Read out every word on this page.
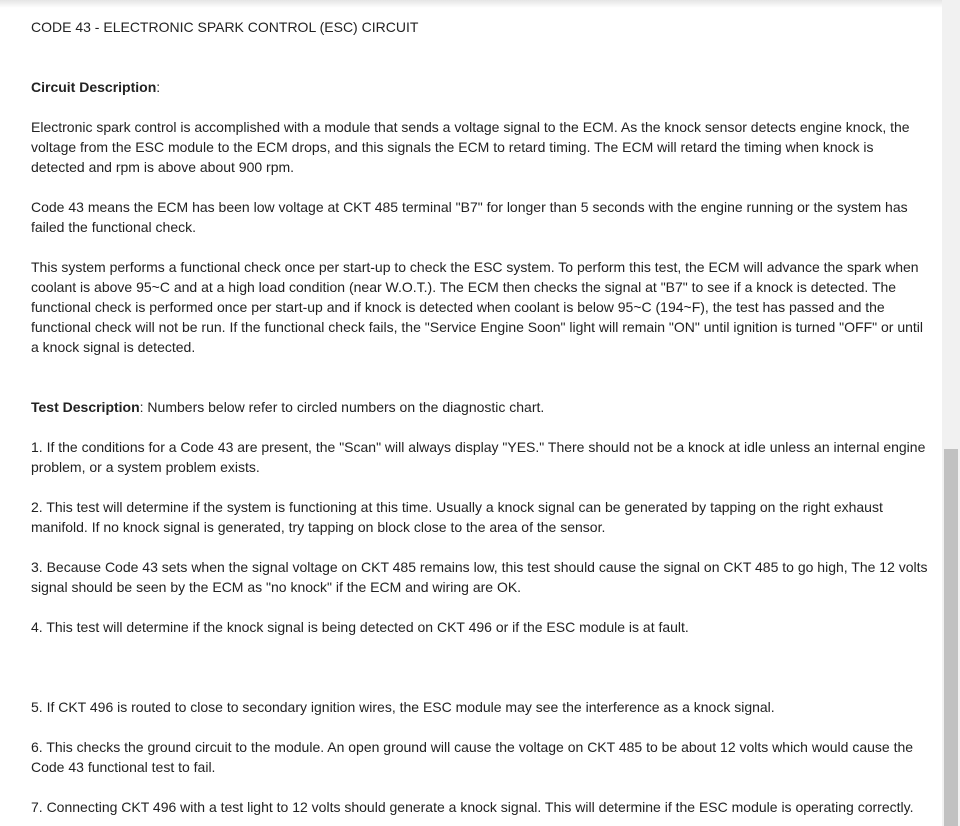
CODE 43 - ELECTRONIC SPARK CONTROL (ESC) CIRCUIT

Circuit Description:

Electronic spark control is accomplished with a module that sends a voltage signal to the ECM. As the knock sensor detects engine knock, the voltage from the ESC module to the ECM drops, and this signals the ECM to retard timing. The ECM will retard the timing when knock is detected and rpm is above about 900 rpm.

Code 43 means the ECM has been low voltage at CKT 485 terminal "B7" for longer than 5 seconds with the engine running or the system has failed the functional check.

This system performs a functional check once per start-up to check the ESC system. To perform this test, the ECM will advance the spark when coolant is above 95~C and at a high load condition (near W.O.T.). The ECM then checks the signal at "B7" to see if a knock is detected. The functional check is performed once per start-up and if knock is detected when coolant is below 95~C (194~F), the test has passed and the functional check will not be run. If the functional check fails, the "Service Engine Soon" light will remain "ON" until ignition is turned "OFF" or until a knock signal is detected.

Test Description: Numbers below refer to circled numbers on the diagnostic chart.

1. If the conditions for a Code 43 are present, the "Scan" will always display "YES." There should not be a knock at idle unless an internal engine problem, or a system problem exists.

2. This test will determine if the system is functioning at this time. Usually a knock signal can be generated by tapping on the right exhaust manifold. If no knock signal is generated, try tapping on block close to the area of the sensor.

3. Because Code 43 sets when the signal voltage on CKT 485 remains low, this test should cause the signal on CKT 485 to go high, The 12 volts signal should be seen by the ECM as "no knock" if the ECM and wiring are OK.

4. This test will determine if the knock signal is being detected on CKT 496 or if the ESC module is at fault.

5. If CKT 496 is routed to close to secondary ignition wires, the ESC module may see the interference as a knock signal.

6. This checks the ground circuit to the module. An open ground will cause the voltage on CKT 485 to be about 12 volts which would cause the Code 43 functional test to fail.

7. Connecting CKT 496 with a test light to 12 volts should generate a knock signal. This will determine if the ESC module is operating correctly.
